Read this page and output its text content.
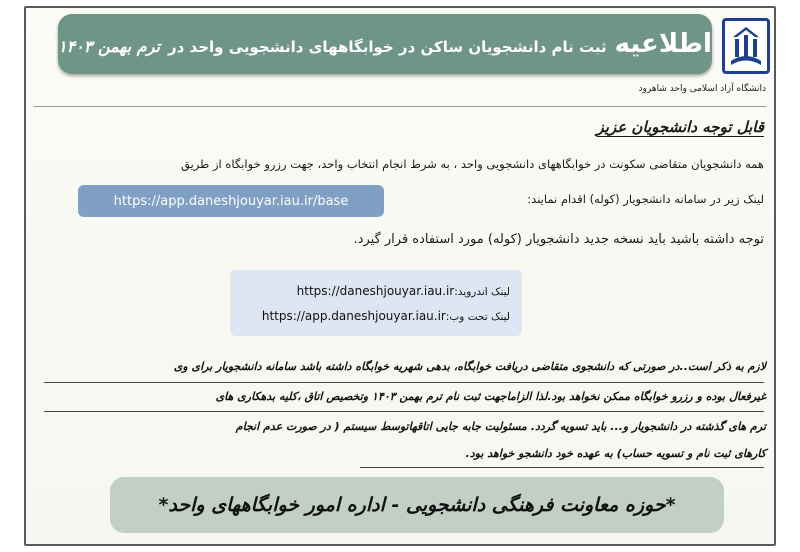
اطلاعیه
ثبت نام دانشجویان ساکن در خوابگاههای دانشجویی واحد در
ترم بهمن ۱۴۰۳
دانشگاه آزاد اسلامی واحد شاهرود
قابل توجه دانشجویان عزیز
همه دانشجویان متقاضی سکونت در خوابگاههای دانشجویی واحد ، به شرط انجام انتخاب واحد، جهت رزرو خوابگاه از طریق
لینک زیر در سامانه دانشجویار (کوله) اقدام نمایند:
https://app.daneshjouyar.iau.ir/base
توجه داشته باشید باید نسخه جدید دانشجویار (کوله) مورد استفاده قرار گیرد.
لینک اندروید:https://daneshjouyar.iau.ir
لینک تحت وب:https://app.daneshjouyar.iau.ir
لازم به ذکر است..در صورتی که دانشجوی متقاضی دریافت خوابگاه، بدهی شهریه خوابگاه داشته باشد سامانه دانشجویار برای وی
غیرفعال بوده و رزرو خوابگاه ممکن نخواهد بود.لذا الزاماجهت ثبت نام ترم بهمن ۱۴۰۳ وتخصیص اتاق ،کلیه بدهکاری های
ترم های گذشته در دانشجویار و... باید تسویه گردد. مسئولیت جابه جایی اتاقهاتوسط سیستم ( در صورت عدم انجام
کارهای ثبت نام و تسویه حساب) به عهده خود دانشجو خواهد بود.
*حوزه معاونت فرهنگی دانشجویی - اداره امور خوابگاههای واحد*
